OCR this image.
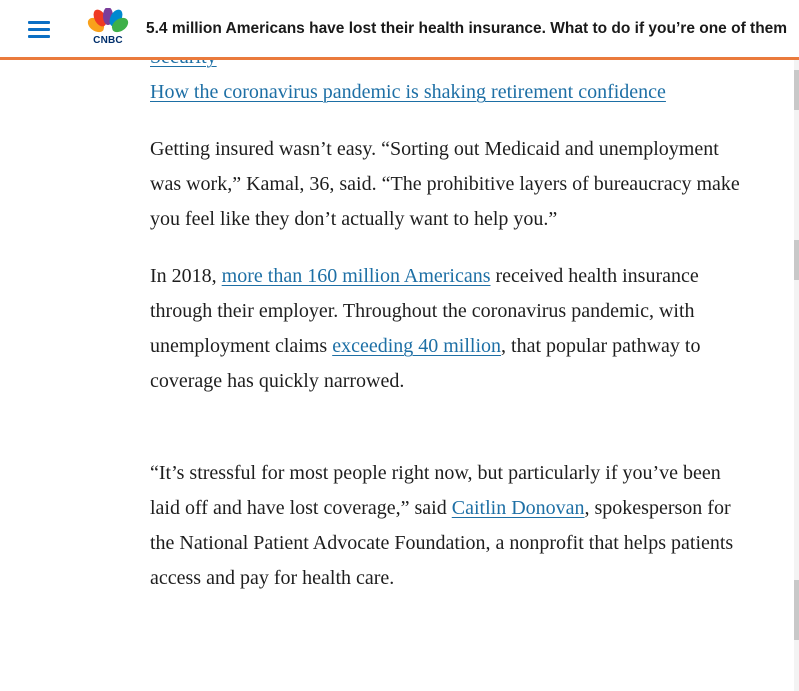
CNBC
5.4 million Americans have lost their health insurance. What to do if you’re one of them
How the coronavirus pandemic is shaking retirement confidence

Getting insured wasn’t easy. “Sorting out Medicaid and unemployment was work,” Kamal, 36, said. “The prohibitive layers of bureaucracy make you feel like they don’t actually want to help you.”

In 2018, more than 160 million Americans received health insurance through their employer. Throughout the coronavirus pandemic, with unemployment claims exceeding 40 million, that popular pathway to coverage has quickly narrowed.

“It’s stressful for most people right now, but particularly if you’ve been laid off and have lost coverage,” said Caitlin Donovan, spokesperson for the National Patient Advocate Foundation, a nonprofit that helps patients access and pay for health care.
